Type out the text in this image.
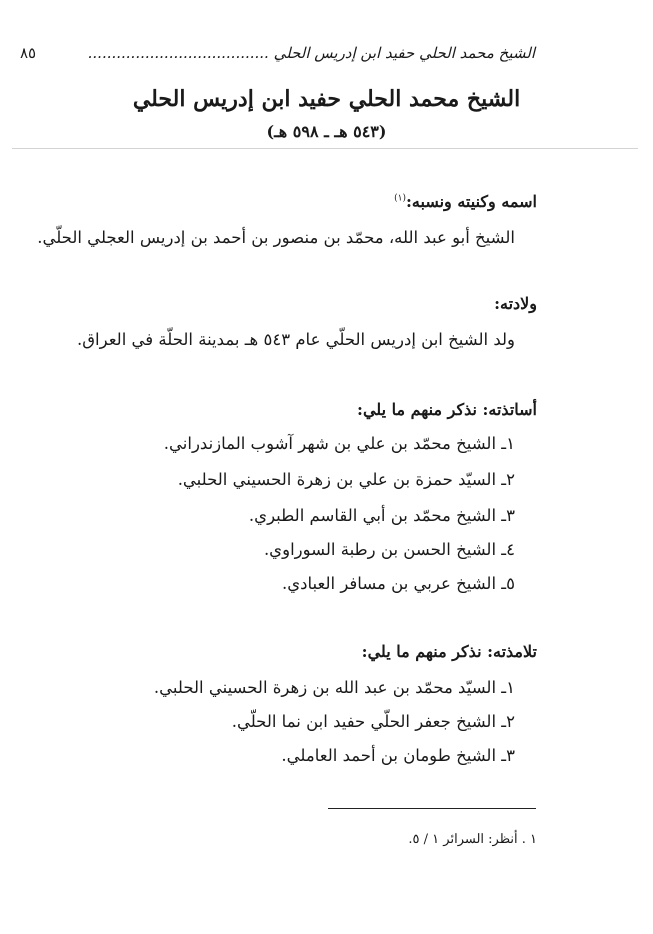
الشيخ محمد الحلي حفيد ابن إدريس الحلي ......................................
٨٥
الشيخ محمد الحلي حفيد ابن إدريس الحلي
(٥٤٣ هـ ـ ٥٩٨ هـ)
اسمه وكنيته ونسبه:$^{(١)}$
الشيخ أبو عبد الله، محمّد بن منصور بن أحمد بن إدريس العجلي الحلّي.
ولادته:
ولد الشيخ ابن إدريس الحلّي عام ٥٤٣ هـ بمدينة الحلّة في العراق.
أساتذته: نذكر منهم ما يلي:
١ـ الشيخ محمّد بن علي بن شهر آشوب المازندراني.
٢ـ السيّد حمزة بن علي بن زهرة الحسيني الحلبي.
٣ـ الشيخ محمّد بن أبي القاسم الطبري.
٤ـ الشيخ الحسن بن رطبة السوراوي.
٥ـ الشيخ عربي بن مسافر العبادي.
تلامذته: نذكر منهم ما يلي:
١ـ السيّد محمّد بن عبد الله بن زهرة الحسيني الحلبي.
٢ـ الشيخ جعفر الحلّي حفيد ابن نما الحلّي.
٣ـ الشيخ طومان بن أحمد العاملي.
١ . أنظر: السرائر ١ / ٥.
